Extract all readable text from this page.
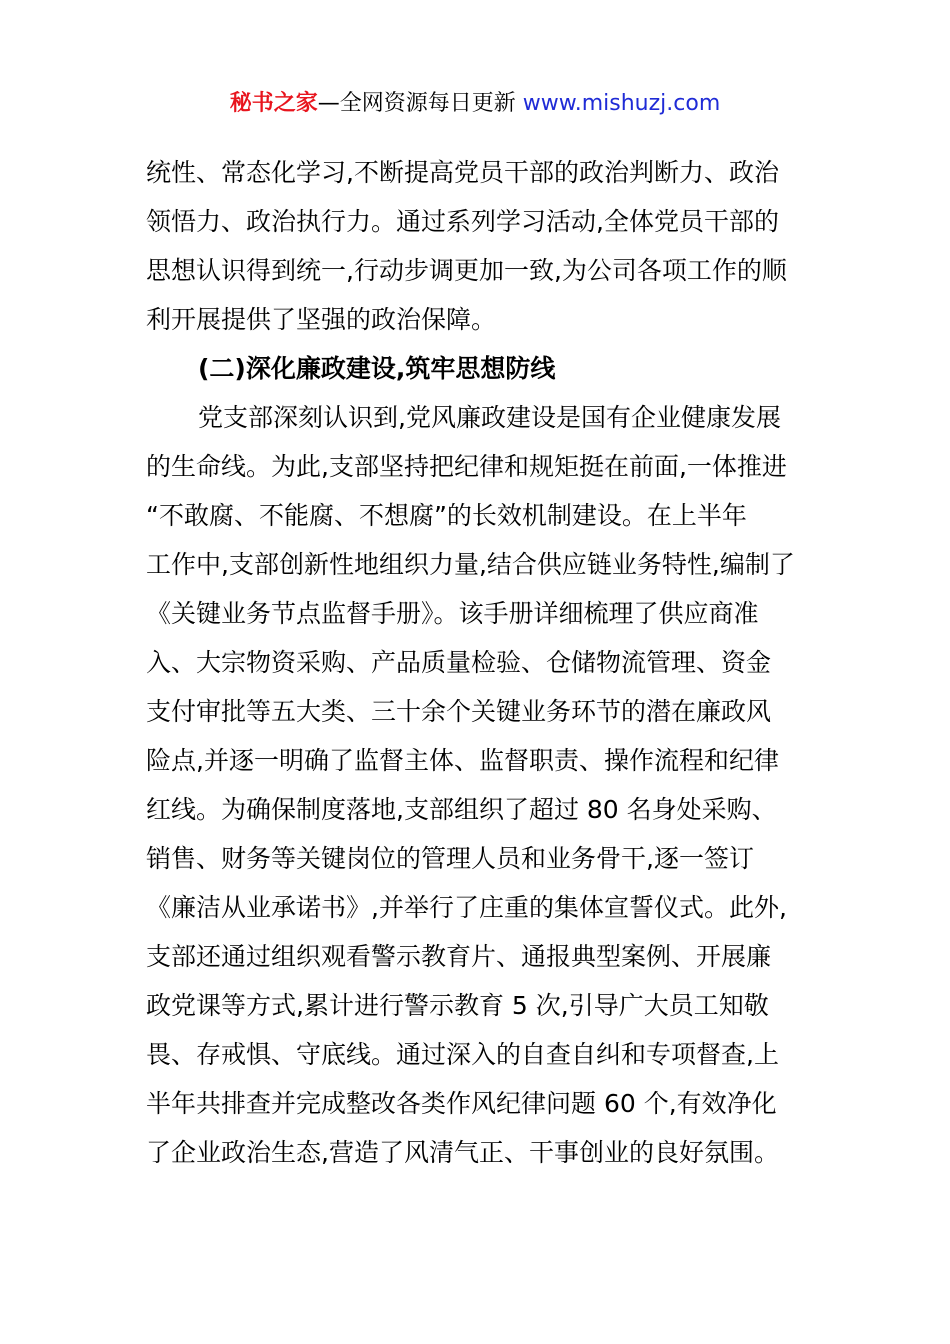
秘书之家—全网资源每日更新 www.mishuzj.com
统性、常态化学习,不断提高党员干部的政治判断力、政治
领悟力、政治执行力。通过系列学习活动,全体党员干部的
思想认识得到统一,行动步调更加一致,为公司各项工作的顺
利开展提供了坚强的政治保障。
(二)深化廉政建设,筑牢思想防线
党支部深刻认识到,党风廉政建设是国有企业健康发展
的生命线。为此,支部坚持把纪律和规矩挺在前面,一体推进
“不敢腐、不能腐、不想腐”的长效机制建设。在上半年
工作中,支部创新性地组织力量,结合供应链业务特性,编制了
《关键业务节点监督手册》。该手册详细梳理了供应商准
入、大宗物资采购、产品质量检验、仓储物流管理、资金
支付审批等五大类、三十余个关键业务环节的潜在廉政风
险点,并逐一明确了监督主体、监督职责、操作流程和纪律
红线。为确保制度落地,支部组织了超过 80 名身处采购、
销售、财务等关键岗位的管理人员和业务骨干,逐一签订
《廉洁从业承诺书》,并举行了庄重的集体宣誓仪式。此外,
支部还通过组织观看警示教育片、通报典型案例、开展廉
政党课等方式,累计进行警示教育 5 次,引导广大员工知敬
畏、存戒惧、守底线。通过深入的自查自纠和专项督查,上
半年共排查并完成整改各类作风纪律问题 60 个,有效净化
了企业政治生态,营造了风清气正、干事创业的良好氛围。
